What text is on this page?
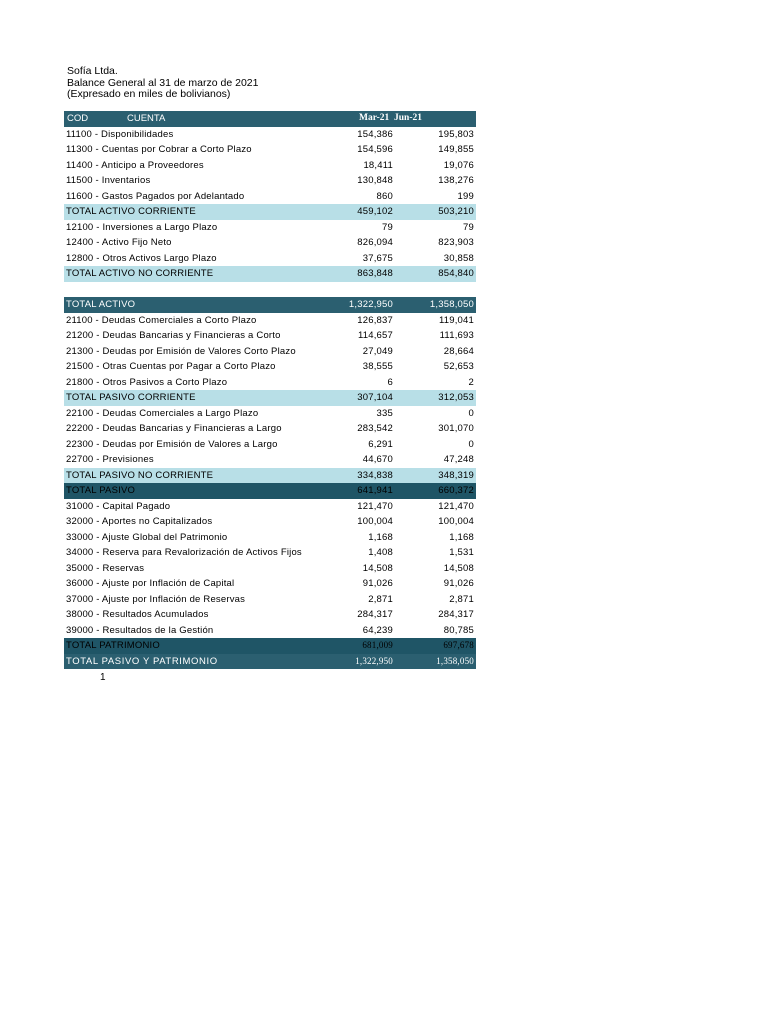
Sofía Ltda.
Balance General al 31 de marzo de 2021
(Expresado en miles de bolivianos)
COD	CUENTA	Mar-21 Jun-21
11100 - Disponibilidades	154,386	195,803
11300 - Cuentas por Cobrar a Corto Plazo	154,596	149,855
11400 - Anticipo a Proveedores	18,411	19,076
11500 - Inventarios	130,848	138,276
11600 - Gastos Pagados por Adelantado	860	199
TOTAL ACTIVO CORRIENTE	459,102	503,210
12100 - Inversiones a Largo Plazo	79	79
12400 - Activo Fijo Neto	826,094	823,903
12800 - Otros Activos Largo Plazo	37,675	30,858
TOTAL ACTIVO NO CORRIENTE	863,848	854,840
TOTAL ACTIVO	1,322,950	1,358,050
21100 - Deudas Comerciales a Corto Plazo	126,837	119,041
21200 - Deudas Bancarias y Financieras a Corto	114,657	111,693
21300 - Deudas por Emisión de Valores Corto Plazo	27,049	28,664
21500 - Otras Cuentas por Pagar a Corto Plazo	38,555	52,653
21800 - Otros Pasivos a Corto Plazo	6	2
TOTAL PASIVO CORRIENTE	307,104	312,053
22100 - Deudas Comerciales a Largo Plazo	335	0
22200 - Deudas Bancarias y Financieras a Largo	283,542	301,070
22300 - Deudas por Emisión de Valores a Largo	6,291	0
22700 - Previsiones	44,670	47,248
TOTAL PASIVO NO CORRIENTE	334,838	348,319
TOTAL PASIVO	641,941	660,372
31000 - Capital Pagado	121,470	121,470
32000 - Aportes no Capitalizados	100,004	100,004
33000 - Ajuste Global del Patrimonio	1,168	1,168
34000 - Reserva para Revalorización de Activos Fijos	1,408	1,531
35000 - Reservas	14,508	14,508
36000 - Ajuste por Inflación de Capital	91,026	91,026
37000 - Ajuste por Inflación de Reservas	2,871	2,871
38000 - Resultados Acumulados	284,317	284,317
39000 - Resultados de la Gestión	64,239	80,785
TOTAL PATRIMONIO	681,009	697,678
TOTAL PASIVO Y PATRIMONIO	1,322,950	1,358,050
1
